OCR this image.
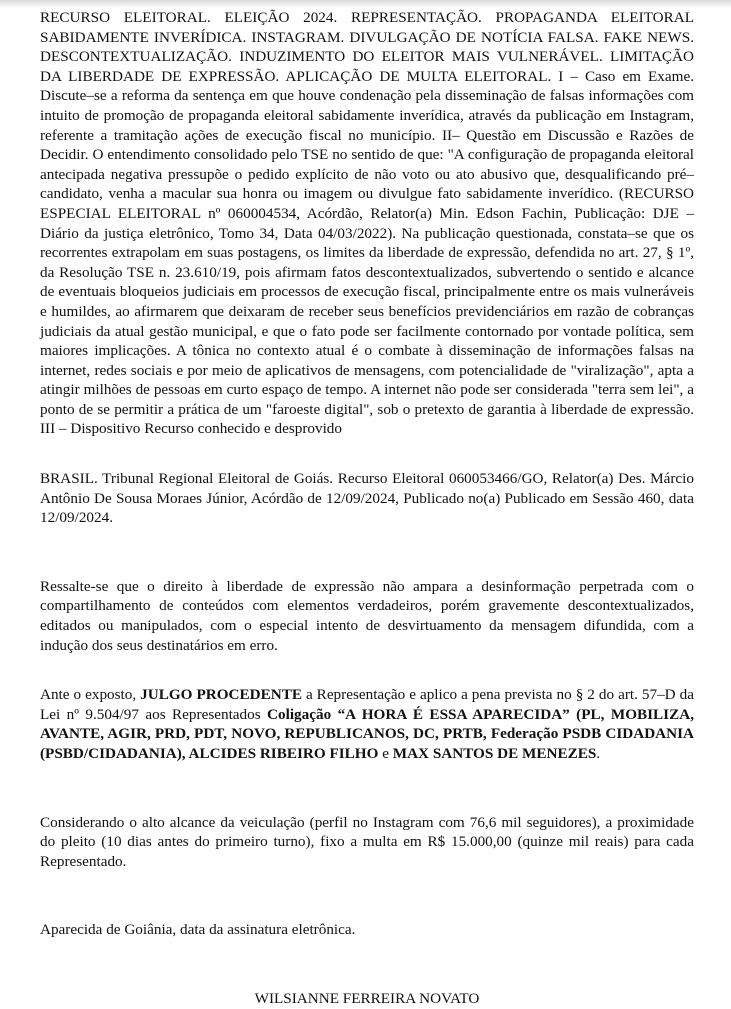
RECURSO ELEITORAL. ELEIÇÃO 2024. REPRESENTAÇÃO. PROPAGANDA ELEITORAL SABIDAMENTE INVERÍDICA. INSTAGRAM. DIVULGAÇÃO DE NOTÍCIA FALSA. FAKE NEWS. DESCONTEXTUALIZAÇÃO. INDUZIMENTO DO ELEITOR MAIS VULNERÁVEL. LIMITAÇÃO DA LIBERDADE DE EXPRESSÃO. APLICAÇÃO DE MULTA ELEITORAL. I – Caso em Exame. Discute–se a reforma da sentença em que houve condenação pela disseminação de falsas informações com intuito de promoção de propaganda eleitoral sabidamente inverídica, através da publicação em Instagram, referente a tramitação ações de execução fiscal no município. II– Questão em Discussão e Razões de Decidir. O entendimento consolidado pelo TSE no sentido de que: "A configuração de propaganda eleitoral antecipada negativa pressupõe o pedido explícito de não voto ou ato abusivo que, desqualificando pré–candidato, venha a macular sua honra ou imagem ou divulgue fato sabidamente inverídico. (RECURSO ESPECIAL ELEITORAL nº 060004534, Acórdão, Relator(a) Min. Edson Fachin, Publicação: DJE – Diário da justiça eletrônico, Tomo 34, Data 04/03/2022). Na publicação questionada, constata–se que os recorrentes extrapolam em suas postagens, os limites da liberdade de expressão, defendida no art. 27, § 1º, da Resolução TSE n. 23.610/19, pois afirmam fatos descontextualizados, subvertendo o sentido e alcance de eventuais bloqueios judiciais em processos de execução fiscal, principalmente entre os mais vulneráveis e humildes, ao afirmarem que deixaram de receber seus benefícios previdenciários em razão de cobranças judiciais da atual gestão municipal, e que o fato pode ser facilmente contornado por vontade política, sem maiores implicações. A tônica no contexto atual é o combate à disseminação de informações falsas na internet, redes sociais e por meio de aplicativos de mensagens, com potencialidade de "viralização", apta a atingir milhões de pessoas em curto espaço de tempo. A internet não pode ser considerada "terra sem lei", a ponto de se permitir a prática de um "faroeste digital", sob o pretexto de garantia à liberdade de expressão. III – Dispositivo Recurso conhecido e desprovido

BRASIL. Tribunal Regional Eleitoral de Goiás. Recurso Eleitoral 060053466/GO, Relator(a) Des. Márcio Antônio De Sousa Moraes Júnior, Acórdão de 12/09/2024, Publicado no(a) Publicado em Sessão 460, data 12/09/2024.

Ressalte-se que o direito à liberdade de expressão não ampara a desinformação perpetrada com o compartilhamento de conteúdos com elementos verdadeiros, porém gravemente descontextualizados, editados ou manipulados, com o especial intento de desvirtuamento da mensagem difundida, com a indução dos seus destinatários em erro.

Ante o exposto, JULGO PROCEDENTE a Representação e aplico a pena prevista no § 2 do art. 57–D da Lei nº 9.504/97 aos Representados Coligação “A HORA É ESSA APARECIDA” (PL, MOBILIZA, AVANTE, AGIR, PRD, PDT, NOVO, REPUBLICANOS, DC, PRTB, Federação PSDB CIDADANIA (PSBD/CIDADANIA), ALCIDES RIBEIRO FILHO e MAX SANTOS DE MENEZES.

Considerando o alto alcance da veiculação (perfil no Instagram com 76,6 mil seguidores), a proximidade do pleito (10 dias antes do primeiro turno), fixo a multa em R$ 15.000,00 (quinze mil reais) para cada Representado.

Aparecida de Goiânia, data da assinatura eletrônica.

WILSIANNE FERREIRA NOVATO
